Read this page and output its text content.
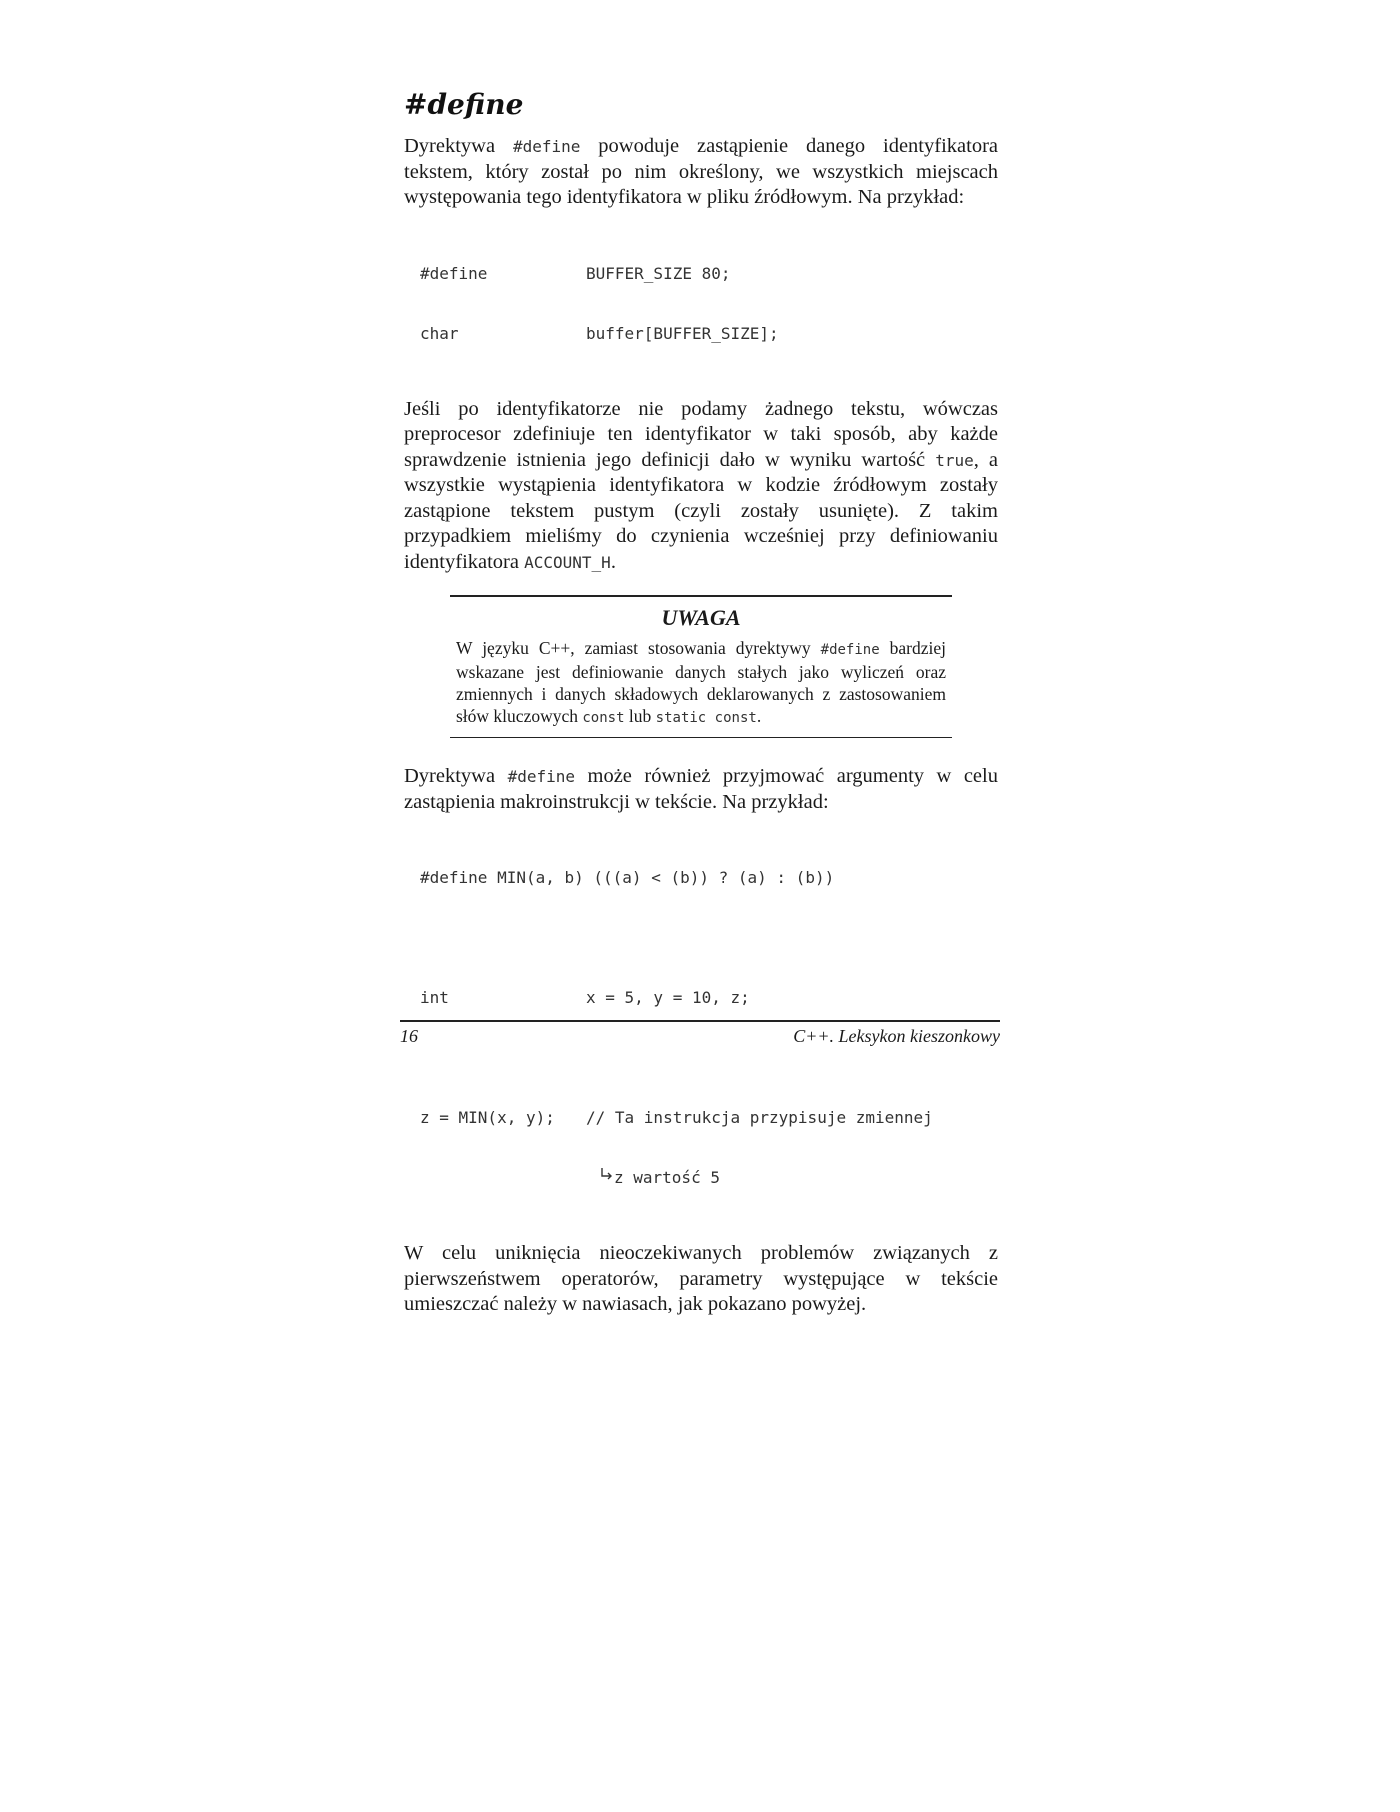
#define

Dyrektywa #define powoduje zastąpienie danego identyfikatora tekstem, który został po nim określony, we wszystkich miejscach występowania tego identyfikatora w pliku źródłowym. Na przykład:

#define	BUFFER_SIZE 80;

char	buffer[BUFFER_SIZE];

Jeśli po identyfikatorze nie podamy żadnego tekstu, wówczas preprocesor zdefiniuje ten identyfikator w taki sposób, aby każde sprawdzenie istnienia jego definicji dało w wyniku wartość true, a wszystkie wystąpienia identyfikatora w kodzie źródłowym zostały zastąpione tekstem pustym (czyli zostały usunięte). Z takim przypadkiem mieliśmy do czynienia wcześniej przy definiowaniu identyfikatora ACCOUNT_H.

UWAGA

W języku C++, zamiast stosowania dyrektywy #define bardziej wskazane jest definiowanie danych stałych jako wyliczeń oraz zmiennych i danych składowych deklarowanych z zastosowaniem słów kluczowych const lub static const.

Dyrektywa #define może również przyjmować argumenty w celu zastąpienia makroinstrukcji w tekście. Na przykład:

#define MIN(a, b) (((a) < (b)) ? (a) : (b))

int	x = 5, y = 10, z;

z = MIN(x, y);	// Ta instrukcja przypisuje zmiennej

z wartość 5

W celu uniknięcia nieoczekiwanych problemów związanych z pierwszeństwem operatorów, parametry występujące w tekście umieszczać należy w nawiasach, jak pokazano powyżej.

16	C++. Leksykon kieszonkowy
